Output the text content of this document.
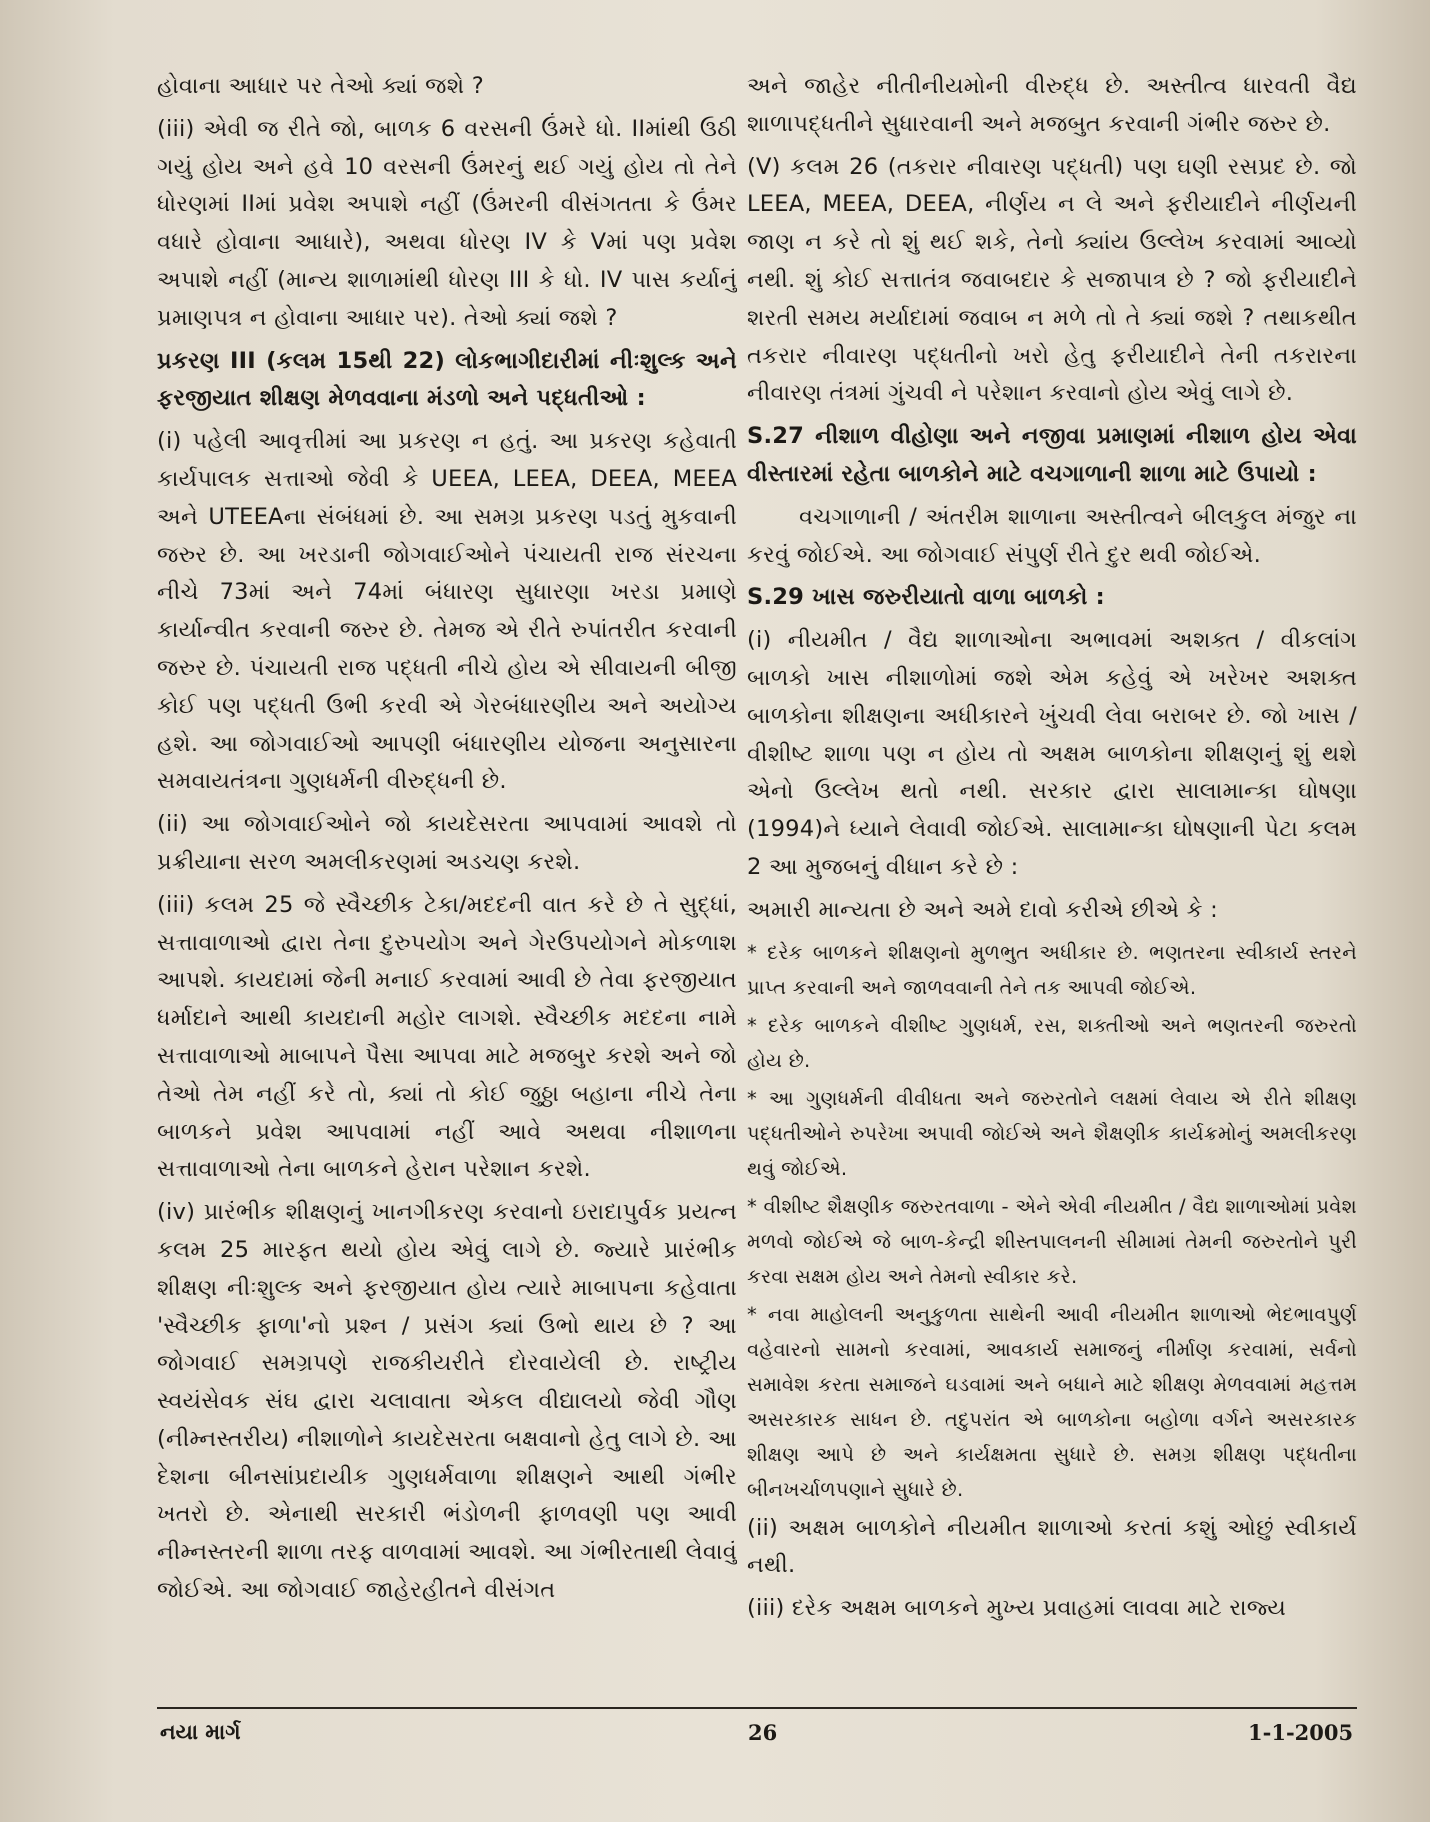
હોવાના આધાર પર તેઓ ક્યાં જશે ?

(iii) એવી જ રીતે જો, બાળક 6 વરસની ઉંમરે ધો. IIમાંથી ઉઠી ગયું હોય અને હવે 10 વરસની ઉંમરનું થઈ ગયું હોય તો તેને ધોરણમાં IIમાં પ્રવેશ અપાશે નહીં (ઉંમરની વીસંગતતા કે ઉંમર વધારે હોવાના આધારે), અથવા ધોરણ IV કે Vમાં પણ પ્રવેશ અપાશે નહીં (માન્ય શાળામાંથી ધોરણ III કે ધો. IV પાસ કર્યાનું પ્રમાણપત્ર ન હોવાના આધાર પર). તેઓ ક્યાં જશે ?

પ્રકરણ III (કલમ 15થી 22) લોકભાગીદારીમાં નીઃશુલ્ક અને ફરજીયાત શીક્ષણ મેળવવાના મંડળો અને પદ્ધતીઓ :

(i) પહેલી આવૃત્તીમાં આ પ્રકરણ ન હતું. આ પ્રકરણ કહેવાતી કાર્યપાલક સત્તાઓ જેવી કે UEEA, LEEA, DEEA, MEEA અને UTEEAના સંબંધમાં છે. આ સમગ્ર પ્રકરણ પડતું મુકવાની જરુર છે. આ ખરડાની જોગવાઈઓને પંચાયતી રાજ સંરચના નીચે 73માં અને 74માં બંધારણ સુધારણા ખરડા પ્રમાણે કાર્યાન્વીત કરવાની જરુર છે. તેમજ એ રીતે રુપાંતરીત કરવાની જરુર છે. પંચાયતી રાજ પદ્ધતી નીચે હોય એ સીવાયની બીજી કોઈ પણ પદ્ધતી ઉભી કરવી એ ગેરબંધારણીય અને અયોગ્ય હશે. આ જોગવાઈઓ આપણી બંધારણીય યોજના અનુસારના સમવાયતંત્રના ગુણધર્મની વીરુદ્ધની છે.

(ii) આ જોગવાઈઓને જો કાયદેસરતા આપવામાં આવશે તો પ્રક્રીયાના સરળ અમલીકરણમાં અડચણ કરશે.

(iii) કલમ 25 જે સ્વૈચ્છીક ટેકા/મદદની વાત કરે છે તે સુદ્ધાં, સત્તાવાળાઓ દ્વારા તેના દુરુપયોગ અને ગેરઉપયોગને મોકળાશ આપશે. કાયદામાં જેની મનાઈ કરવામાં આવી છે તેવા ફરજીયાત ધર્માદાને આથી કાયદાની મહોર લાગશે. સ્વૈચ્છીક મદદના નામે સત્તાવાળાઓ માબાપને પૈસા આપવા માટે મજબુર કરશે અને જો તેઓ તેમ નહીં કરે તો, ક્યાં તો કોઈ જુઠ્ઠા બહાના નીચે તેના બાળકને પ્રવેશ આપવામાં નહીં આવે અથવા નીશાળના સત્તાવાળાઓ તેના બાળકને હેરાન પરેશાન કરશે.

(iv) પ્રારંભીક શીક્ષણનું ખાનગીકરણ કરવાનો ઇરાદાપુર્વક પ્રયત્ન કલમ 25 મારફત થયો હોય એવું લાગે છે. જ્યારે પ્રારંભીક શીક્ષણ નીઃશુલ્ક અને ફરજીયાત હોય ત્યારે માબાપના કહેવાતા 'સ્વૈચ્છીક ફાળા'નો પ્રશ્ન / પ્રસંગ ક્યાં ઉભો થાય છે ? આ જોગવાઈ સમગ્રપણે રાજકીયરીતે દોરવાયેલી છે. રાષ્ટ્રીય સ્વયંસેવક સંઘ દ્વારા ચલાવાતા એકલ વીદ્યાલયો જેવી ગૌણ (નીમ્નસ્તરીય) નીશાળોને કાયદેસરતા બક્ષવાનો હેતુ લાગે છે. આ દેશના બીનસાંપ્રદાયીક ગુણધર્મવાળા શીક્ષણને આથી ગંભીર ખતરો છે. એનાથી સરકારી ભંડોળની ફાળવણી પણ આવી નીમ્નસ્તરની શાળા તરફ વાળવામાં આવશે. આ ગંભીરતાથી લેવાવું જોઈએ. આ જોગવાઈ જાહેરહીતને વીસંગત

અને જાહેર નીતીનીયમોની વીરુદ્ધ છે. અસ્તીત્વ ધારવતી વૈદ્ય શાળાપદ્ધતીને સુધારવાની અને મજબુત કરવાની ગંભીર જરુર છે.

(V) કલમ 26 (તકરાર નીવારણ પદ્ધતી) પણ ઘણી રસપ્રદ છે. જો LEEA, MEEA, DEEA, નીર્ણય ન લે અને ફરીયાદીને નીર્ણયની જાણ ન કરે તો શું થઈ શકે, તેનો ક્યાંય ઉલ્લેખ કરવામાં આવ્યો નથી. શું કોઈ સત્તાતંત્ર જવાબદાર કે સજાપાત્ર છે ? જો ફરીયાદીને શરતી સમય મર્યાદામાં જવાબ ન મળે તો તે ક્યાં જશે ? તથાકથીત તકરાર નીવારણ પદ્ધતીનો ખરો હેતુ ફરીયાદીને તેની તકરારના નીવારણ તંત્રમાં ગુંચવી ને પરેશાન કરવાનો હોય એવું લાગે છે.

S.27 નીશાળ વીહોણા અને નજીવા પ્રમાણમાં નીશાળ હોય એવા વીસ્તારમાં રહેતા બાળકોને માટે વચગાળાની શાળા માટે ઉપાયો :

વચગાળાની / અંતરીમ શાળાના અસ્તીત્વને બીલકુલ મંજુર ના કરવું જોઈએ. આ જોગવાઈ સંપુર્ણ રીતે દુર થવી જોઈએ.

S.29 ખાસ જરુરીયાતો વાળા બાળકો :

(i) નીયમીત / વૈદ્ય શાળાઓના અભાવમાં અશક્ત / વીકલાંગ બાળકો ખાસ નીશાળોમાં જશે એમ કહેવું એ ખરેખર અશક્ત બાળકોના શીક્ષણના અધીકારને ખુંચવી લેવા બરાબર છે. જો ખાસ / વીશીષ્ટ શાળા પણ ન હોય તો અક્ષમ બાળકોના શીક્ષણનું શું થશે એનો ઉલ્લેખ થતો નથી. સરકાર દ્વારા સાલામાન્કા ઘોષણા (1994)ને ધ્યાને લેવાવી જોઈએ. સાલામાન્કા ઘોષણાની પેટા કલમ 2 આ મુજબનું વીધાન કરે છે :

અમારી માન્યતા છે અને અમે દાવો કરીએ છીએ કે :

* દરેક બાળકને શીક્ષણનો મુળભુત અધીકાર છે. ભણતરના સ્વીકાર્ય સ્તરને પ્રાપ્ત કરવાની અને જાળવવાની તેને તક આપવી જોઈએ.

* દરેક બાળકને વીશીષ્ટ ગુણધર્મ, રસ, શક્તીઓ અને ભણતરની જરુરતો હોય છે.

* આ ગુણધર્મની વીવીધતા અને જરુરતોને લક્ષમાં લેવાય એ રીતે શીક્ષણ પદ્ધતીઓને રુપરેખા અપાવી જોઈએ અને શૈક્ષણીક કાર્યક્રમોનું અમલીકરણ થવું જોઈએ.

* વીશીષ્ટ શૈક્ષણીક જરુરતવાળા - એને એવી નીયમીત / વૈદ્ય શાળાઓમાં પ્રવેશ મળવો જોઈએ જે બાળ-કેન્દ્રી શીસ્તપાલનની સીમામાં તેમની જરુરતોને પુરી કરવા સક્ષમ હોય અને તેમનો સ્વીકાર કરે.

* નવા માહોલની અનુકુળતા સાથેની આવી નીયમીત શાળાઓ ભેદભાવપુર્ણ વહેવારનો સામનો કરવામાં, આવકાર્ય સમાજનું નીર્માણ કરવામાં, સર્વનો સમાવેશ કરતા સમાજને ઘડવામાં અને બધાને માટે શીક્ષણ મેળવવામાં મહત્તમ અસરકારક સાધન છે. તદુપરાંત એ બાળકોના બહોળા વર્ગને અસરકારક શીક્ષણ આપે છે અને કાર્યક્ષમતા સુધારે છે. સમગ્ર શીક્ષણ પદ્ધતીના બીનખર્ચાળપણાને સુધારે છે.

(ii) અક્ષમ બાળકોને નીયમીત શાળાઓ કરતાં કશું ઓછું સ્વીકાર્ય નથી.

(iii) દરેક અક્ષમ બાળકને મુખ્ય પ્રવાહમાં લાવવા માટે રાજ્ય

નયા માર્ગ	26	1-1-2005
